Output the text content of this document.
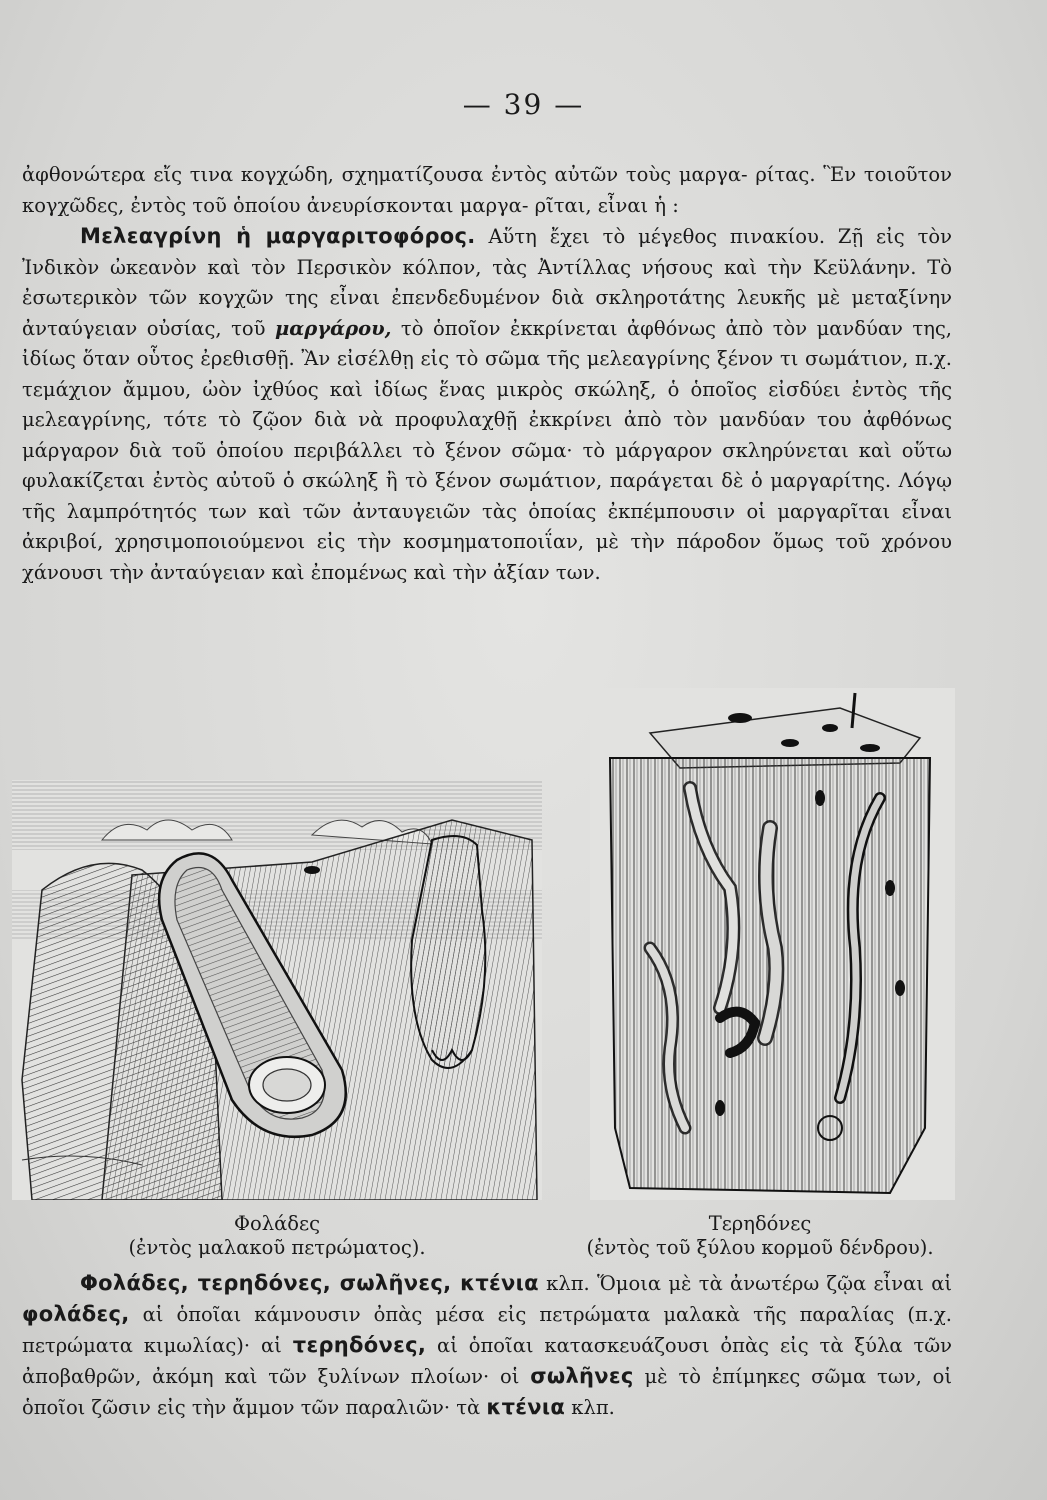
— 39 —

ἀφθονώτερα εἴς τινα κογχώδη, σχηματίζουσα ἐντὸς αὐτῶν τοὺς μαργα- ρίτας. Ἓν τοιοῦτον κογχῶδες, ἐντὸς τοῦ ὁποίου ἀνευρίσκονται μαργα- ρῖται, εἶναι ἡ :

Μελεαγρίνη ἡ μαργαριτοφόρος. Αὕτη ἔχει τὸ μέγεθος πινακίου. Ζῇ εἰς τὸν Ἰνδικὸν ὠκεανὸν καὶ τὸν Περσικὸν κόλπον, τὰς Ἀντίλλας νήσους καὶ τὴν Κεϋλάνην. Τὸ ἐσωτερικὸν τῶν κογχῶν της εἶναι ἐπενδεδυμένον διὰ σκληροτάτης λευκῆς μὲ μεταξίνην ἀνταύγειαν οὐσίας, τοῦ μαργάρου, τὸ ὁποῖον ἐκκρίνεται ἀφθόνως ἀπὸ τὸν μανδύαν της, ἰδίως ὅταν οὗτος ἐρεθισθῇ. Ἂν εἰσέλθῃ εἰς τὸ σῶμα τῆς μελεαγρίνης ξένον τι σωμάτιον, π.χ. τεμάχιον ἄμμου, ὠὸν ἰχθύος καὶ ἰδίως ἕνας μικρὸς σκώληξ, ὁ ὁποῖος εἰσδύει ἐντὸς τῆς μελεαγρίνης, τότε τὸ ζῷον διὰ νὰ προφυλαχθῇ ἐκκρίνει ἀπὸ τὸν μανδύαν του ἀφθόνως μάργαρον διὰ τοῦ ὁποίου περιβάλλει τὸ ξένον σῶμα· τὸ μάργαρον σκληρύνεται καὶ οὕτω φυλακίζεται ἐντὸς αὐτοῦ ὁ σκώληξ ἢ τὸ ξένον σωμάτιον, παράγεται δὲ ὁ μαργαρίτης. Λόγῳ τῆς λαμπρότητός των καὶ τῶν ἀνταυγειῶν τὰς ὁποίας ἐκπέμπουσιν οἱ μαργαρῖται εἶναι ἀκριβοί, χρησιμοποιούμενοι εἰς τὴν κοσμηματοποιΐαν, μὲ τὴν πάροδον ὅμως τοῦ χρόνου χάνουσι τὴν ἀνταύγειαν καὶ ἐπομένως καὶ τὴν ἀξίαν των.

Φολάδες
(ἐντὸς μαλακοῦ πετρώματος).
Τερηδόνες
(ἐντὸς τοῦ ξύλου κορμοῦ δένδρου).

Φολάδες, τερηδόνες, σωλῆνες, κτένια κλπ. Ὅμοια μὲ τὰ ἀνωτέρω ζῷα εἶναι αἱ φολάδες, αἱ ὁποῖαι κάμνουσιν ὀπὰς μέσα εἰς πετρώματα μαλακὰ τῆς παραλίας (π.χ. πετρώματα κιμωλίας)· αἱ τερηδόνες, αἱ ὁποῖαι κατασκευάζουσι ὀπὰς εἰς τὰ ξύλα τῶν ἀποβαθρῶν, ἀκόμη καὶ τῶν ξυλίνων πλοίων· οἱ σωλῆνες μὲ τὸ ἐπίμηκες σῶμα των, οἱ ὁποῖοι ζῶσιν εἰς τὴν ἄμμον τῶν παραλιῶν· τὰ κτένια κλπ.
